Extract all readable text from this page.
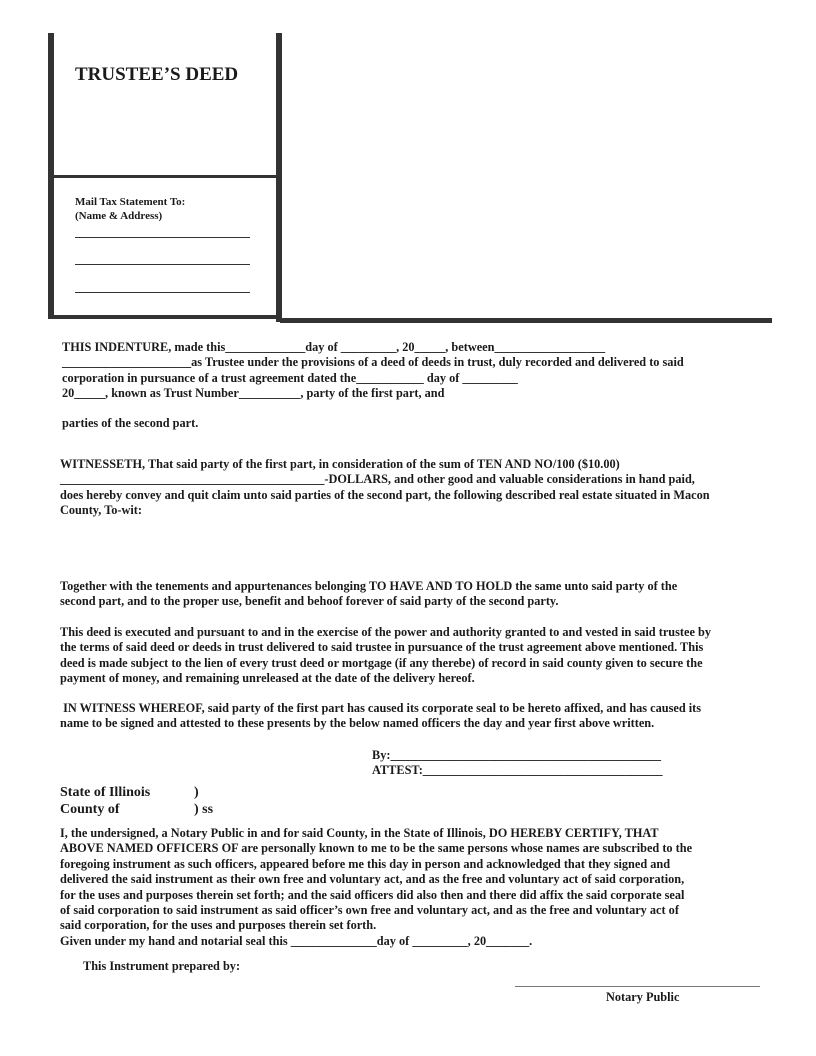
TRUSTEE’S DEED
Mail Tax Statement To:
(Name & Address)

THIS INDENTURE, made this_____________day of _________, 20_____, between__________________

_____________________as Trustee under the provisions of a deed of deeds in trust, duly recorded and delivered to said

corporation in pursuance of a trust agreement dated the___________ day of _________

20_____, known as Trust Number__________, party of the first part, and

parties of the second part.

WITNESSETH, That said party of the first part, in consideration of the sum of TEN AND NO/100 ($10.00)

___________________________________________-DOLLARS, and other good and valuable considerations in hand paid,

does hereby convey and quit claim unto said parties of the second part, the following described real estate situated in Macon

County, To-wit:

Together with the tenements and appurtenances belonging TO HAVE AND TO HOLD the same unto said party of the

second part, and to the proper use, benefit and behoof forever of said party of the second party.

This deed is executed and pursuant to and in the exercise of the power and authority granted to and vested in said trustee by

the terms of said deed or deeds in trust delivered to said trustee in pursuance of the trust agreement above mentioned. This

deed is made subject to the lien of every trust deed or mortgage (if any therebe) of record in said county given to secure the

payment of money, and remaining unreleased at the date of the delivery hereof.

IN WITNESS WHEREOF, said party of the first part has caused its corporate seal to be hereto affixed, and has caused its

name to be signed and attested to these presents by the below named officers the day and year first above written.

By:____________________________________________

ATTEST:_______________________________________

State of Illinois	)
County of	) ss

I, the undersigned, a Notary Public in and for said County, in the State of Illinois, DO HEREBY CERTIFY, THAT

ABOVE NAMED OFFICERS OF are personally known to me to be the same persons whose names are subscribed to the

foregoing instrument as such officers, appeared before me this day in person and acknowledged that they signed and

delivered the said instrument as their own free and voluntary act, and as the free and voluntary act of said corporation,

for the uses and purposes therein set forth; and the said officers did also then and there did affix the said corporate seal

of said corporation to said instrument as said officer’s own free and voluntary act, and as the free and voluntary act of

said corporation, for the uses and purposes therein set forth.

Given under my hand and notarial seal this ______________day of _________, 20_______.

This Instrument prepared by:
Notary Public
